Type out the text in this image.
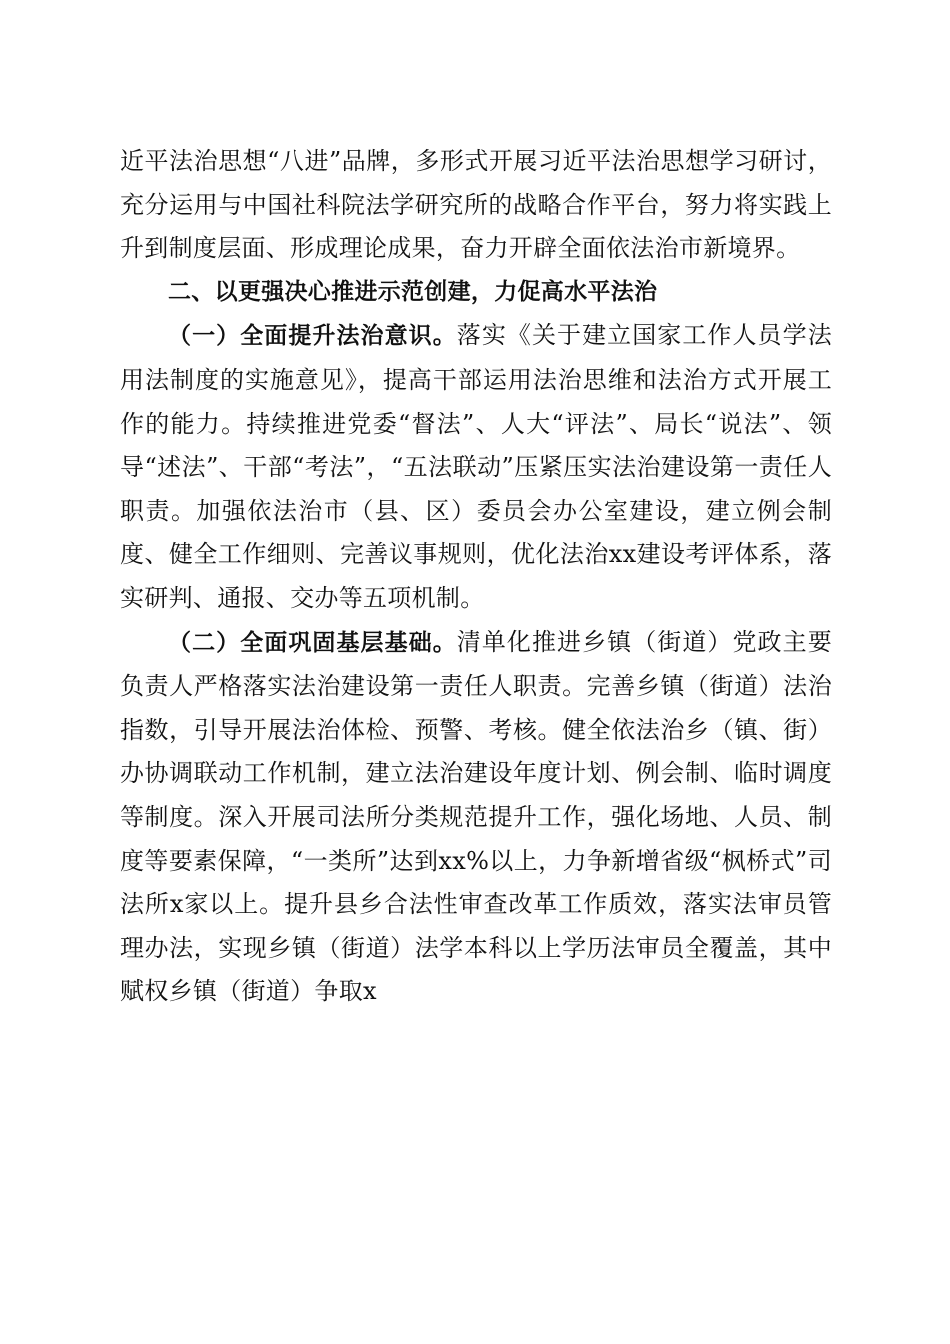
近平法治思想“八进”品牌，多形式开展习近平法治思想学习研讨，充分运用与中国社科院法学研究所的战略合作平台，努力将实践上升到制度层面、形成理论成果，奋力开辟全面依法治市新境界。

二、以更强决心推进示范创建，力促高水平法治

（一）全面提升法治意识。落实《关于建立国家工作人员学法用法制度的实施意见》，提高干部运用法治思维和法治方式开展工作的能力。持续推进党委“督法”、人大“评法”、局长“说法”、领导“述法”、干部“考法”，“五法联动”压紧压实法治建设第一责任人职责。加强依法治市（县、区）委员会办公室建设，建立例会制度、健全工作细则、完善议事规则，优化法治xx建设考评体系，落实研判、通报、交办等五项机制。

（二）全面巩固基层基础。清单化推进乡镇（街道）党政主要负责人严格落实法治建设第一责任人职责。完善乡镇（街道）法治指数，引导开展法治体检、预警、考核。健全依法治乡（镇、街）办协调联动工作机制，建立法治建设年度计划、例会制、临时调度等制度。深入开展司法所分类规范提升工作，强化场地、人员、制度等要素保障，“一类所”达到xx%以上，力争新增省级“枫桥式”司法所x家以上。提升县乡合法性审查改革工作质效，落实法审员管理办法，实现乡镇（街道）法学本科以上学历法审员全覆盖，其中赋权乡镇（街道）争取x
